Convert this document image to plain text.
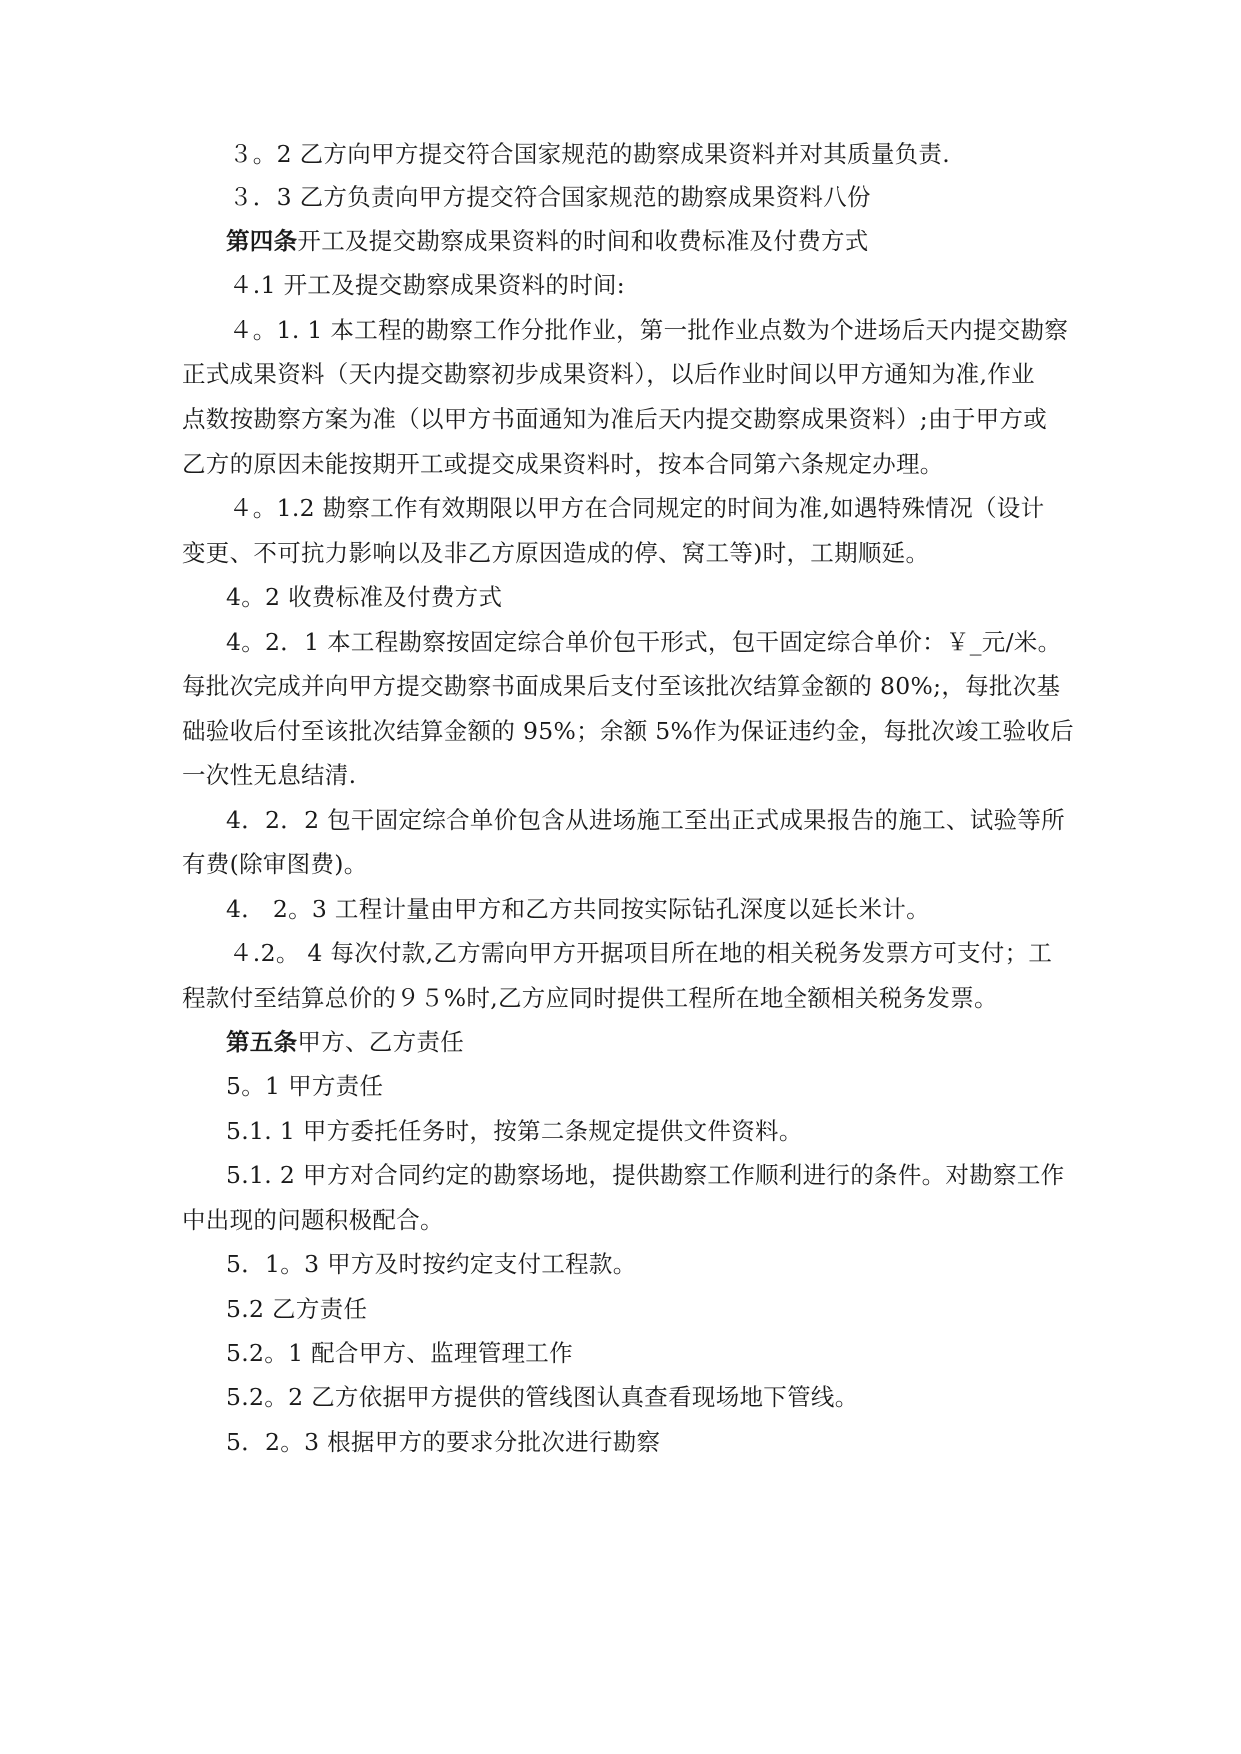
３。2 乙方向甲方提交符合国家规范的勘察成果资料并对其质量负责.
３．3 乙方负责向甲方提交符合国家规范的勘察成果资料八份
第四条开工及提交勘察成果资料的时间和收费标准及付费方式
４.1 开工及提交勘察成果资料的时间:
４。1. 1 本工程的勘察工作分批作业，第一批作业点数为个进场后天内提交勘察
正式成果资料（天内提交勘察初步成果资料），以后作业时间以甲方通知为准,作业
点数按勘察方案为准（以甲方书面通知为准后天内提交勘察成果资料）;由于甲方或
乙方的原因未能按期开工或提交成果资料时，按本合同第六条规定办理。
４。1.2 勘察工作有效期限以甲方在合同规定的时间为准,如遇特殊情况（设计
变更、不可抗力影响以及非乙方原因造成的停、窝工等)时，工期顺延。
4。2 收费标准及付费方式
4。2．1 本工程勘察按固定综合单价包干形式，包干固定综合单价：￥_元/米。
每批次完成并向甲方提交勘察书面成果后支付至该批次结算金额的 80%;，每批次基
础验收后付至该批次结算金额的 95%；余额 5%作为保证违约金，每批次竣工验收后
一次性无息结清.
4．2．2 包干固定综合单价包含从进场施工至出正式成果报告的施工、试验等所
有费(除审图费)。
4． 2。3 工程计量由甲方和乙方共同按实际钻孔深度以延长米计。
４.2。 4 每次付款,乙方需向甲方开据项目所在地的相关税务发票方可支付；工
程款付至结算总价的９５%时,乙方应同时提供工程所在地全额相关税务发票。
第五条甲方、乙方责任
5。1 甲方责任
5.1. 1 甲方委托任务时，按第二条规定提供文件资料。
5.1. 2 甲方对合同约定的勘察场地，提供勘察工作顺利进行的条件。对勘察工作
中出现的问题积极配合。
5．1。3 甲方及时按约定支付工程款。
5.2 乙方责任
5.2。1 配合甲方、监理管理工作
5.2。2 乙方依据甲方提供的管线图认真查看现场地下管线。
5．2。3 根据甲方的要求分批次进行勘察
